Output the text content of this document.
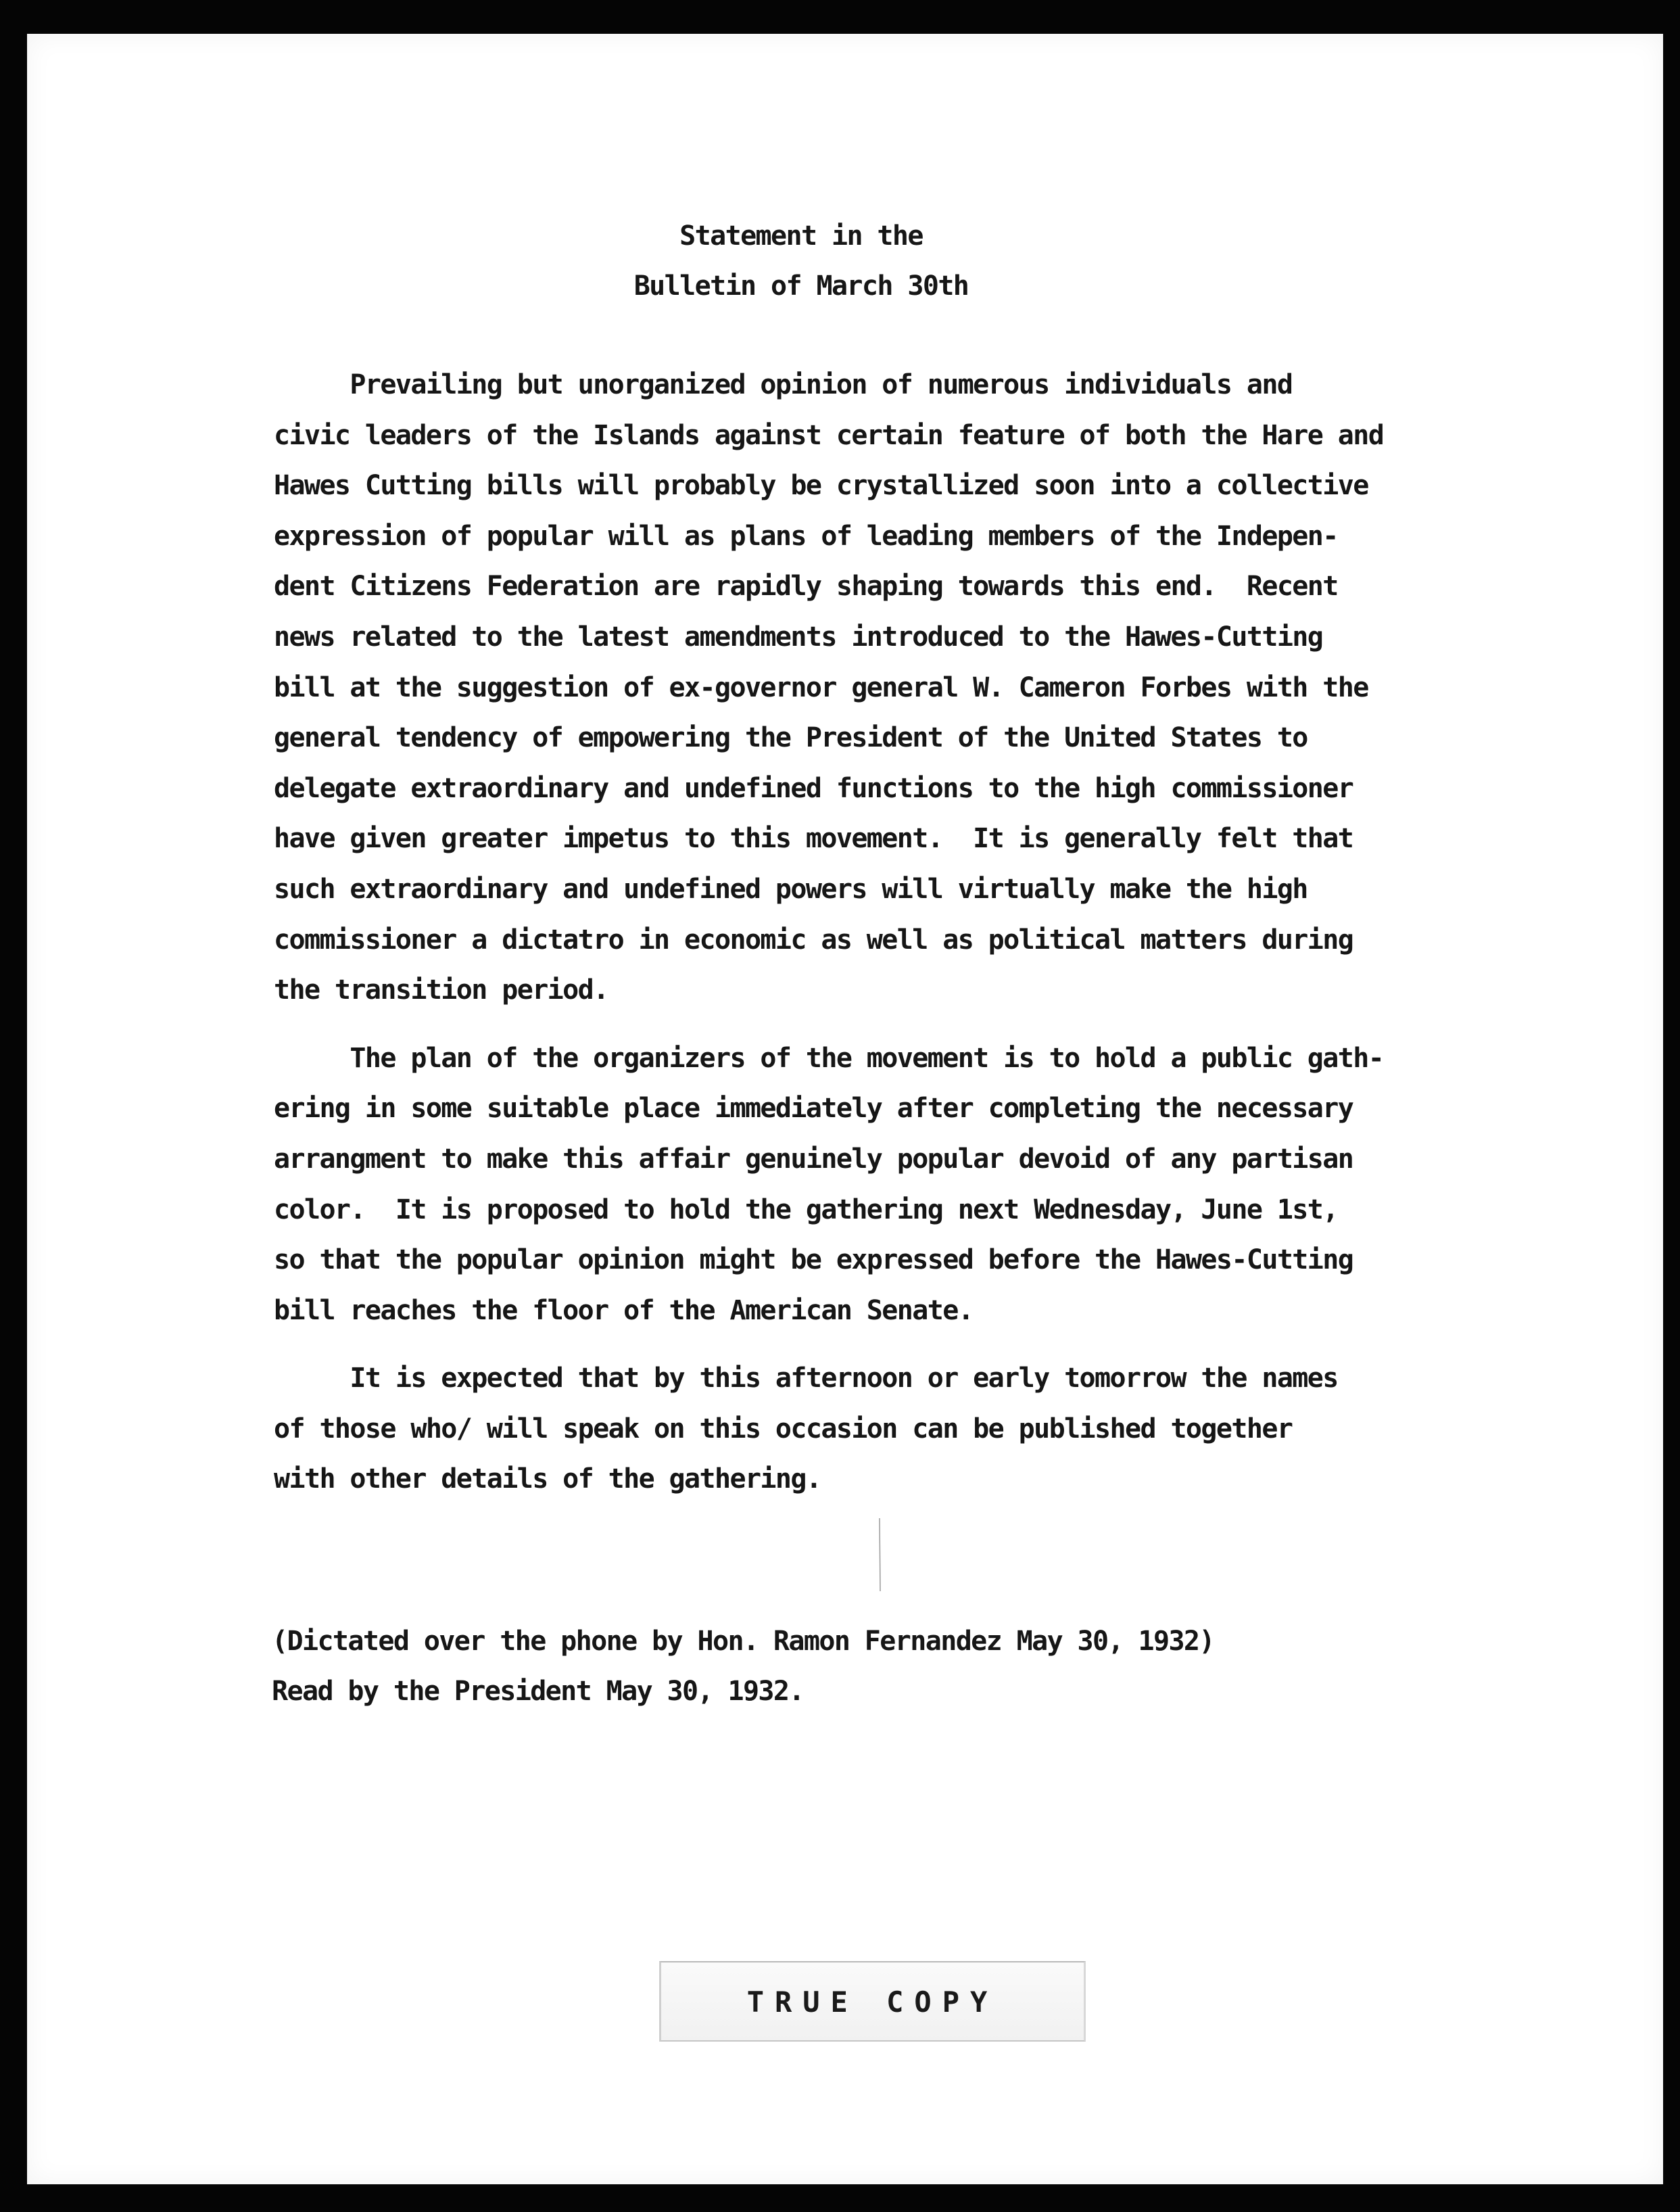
Statement in the
Bulletin of March 30th
Prevailing but unorganized opinion of numerous individuals and
civic leaders of the Islands against certain feature of both the Hare and
Hawes Cutting bills will probably be crystallized soon into a collective
expression of popular will as plans of leading members of the Indepen-
dent Citizens Federation are rapidly shaping towards this end.  Recent
news related to the latest amendments introduced to the Hawes-Cutting
bill at the suggestion of ex-governor general W. Cameron Forbes with the
general tendency of empowering the President of the United States to
delegate extraordinary and undefined functions to the high commissioner
have given greater impetus to this movement.  It is generally felt that
such extraordinary and undefined powers will virtually make the high
commissioner a dictatro in economic as well as political matters during
the transition period.
The plan of the organizers of the movement is to hold a public gath-
ering in some suitable place immediately after completing the necessary
arrangment to make this affair genuinely popular devoid of any partisan
color.  It is proposed to hold the gathering next Wednesday, June 1st,
so that the popular opinion might be expressed before the Hawes-Cutting
bill reaches the floor of the American Senate.
It is expected that by this afternoon or early tomorrow the names
of those who/ will speak on this occasion can be published together
with other details of the gathering.
(Dictated over the phone by Hon. Ramon Fernandez May 30, 1932)
Read by the President May 30, 1932.
TRUE COPY
